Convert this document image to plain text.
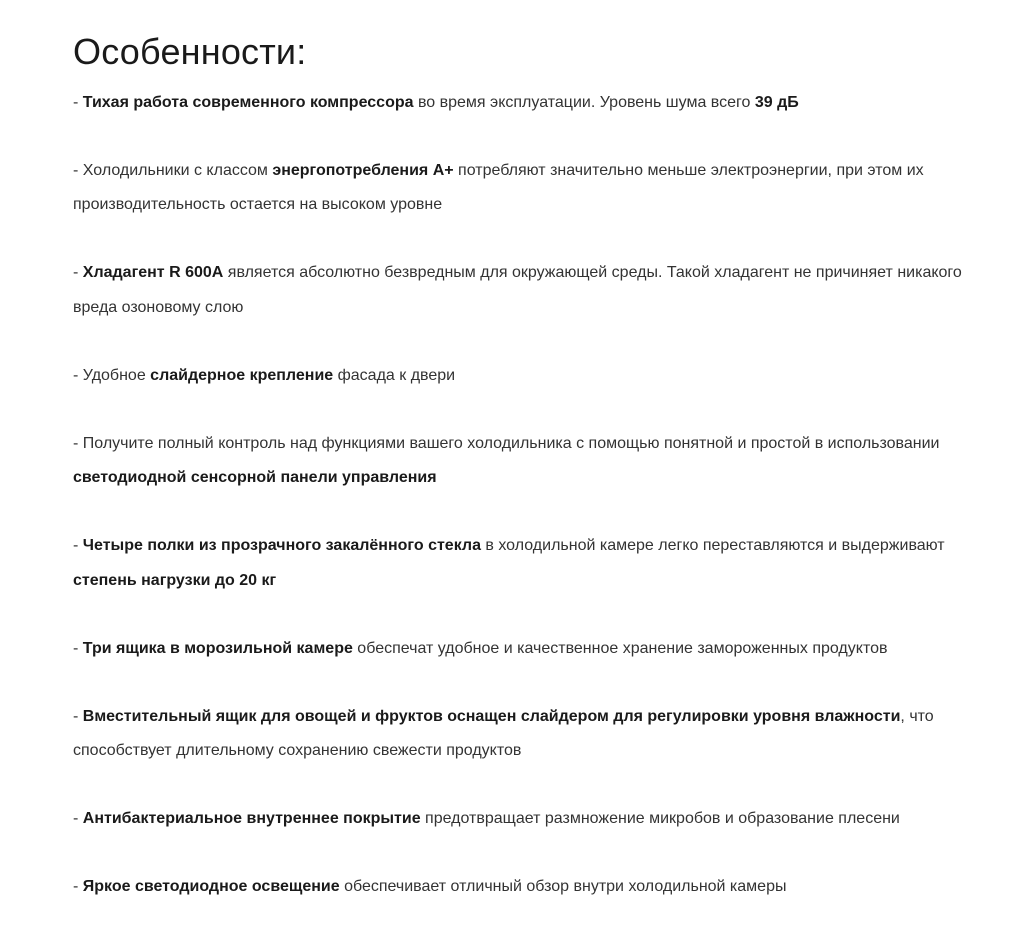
Особенности:
- Тихая работа современного компрессора во время эксплуатации. Уровень шума всего 39 дБ
- Холодильники с классом энергопотребления А+ потребляют значительно меньше электроэнергии, при этом их производительность остается на высоком уровне
- Хладагент R 600A является абсолютно безвредным для окружающей среды. Такой хладагент не причиняет никакого вреда озоновому слою
- Удобное слайдерное крепление фасада к двери
- Получите полный контроль над функциями вашего холодильника с помощью понятной и простой в использовании светодиодной сенсорной панели управления
- Четыре полки из прозрачного закалённого стекла в холодильной камере легко переставляются и выдерживают степень нагрузки до 20 кг
- Три ящика в морозильной камере обеспечат удобное и качественное хранение замороженных продуктов
- Вместительный ящик для овощей и фруктов оснащен слайдером для регулировки уровня влажности, что способствует длительному сохранению свежести продуктов
- Антибактериальное внутреннее покрытие предотвращает размножение микробов и образование плесени
- Яркое светодиодное освещение обеспечивает отличный обзор внутри холодильной камеры
